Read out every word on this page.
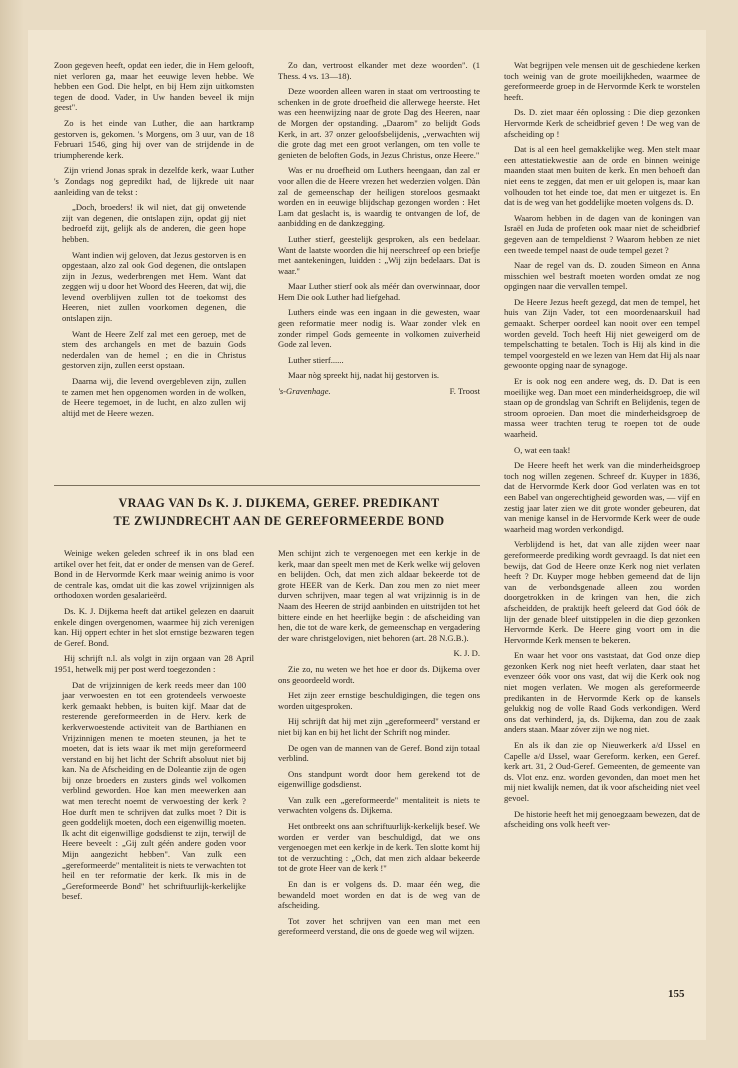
Zoon gegeven heeft, opdat een ieder, die in Hem gelooft, niet verloren ga, maar het eeuwige leven hebbe. We hebben een God. Die helpt, en bij Hem zijn uitkomsten tegen de dood. Vader, in Uw handen beveel ik mijn geest".

Zo is het einde van Luther, die aan hartkramp gestorven is, gekomen. 's Morgens, om 3 uur, van de 18 Februari 1546, ging hij over van de strijdende in de triumpherende kerk.

Zijn vriend Jonas sprak in dezelfde kerk, waar Luther 's Zondags nog gepredikt had, de lijkrede uit naar aanleiding van de tekst :

„Doch, broeders! ik wil niet, dat gij onwetende zijt van degenen, die ontslapen zijn, opdat gij niet bedroefd zijt, gelijk als de anderen, die geen hope hebben.

Want indien wij geloven, dat Jezus gestorven is en opgestaan, alzo zal ook God degenen, die ontslapen zijn in Jezus, wederbrengen met Hem. Want dat zeggen wij u door het Woord des Heeren, dat wij, die levend overblijven zullen tot de toekomst des Heeren, niet zullen voorkomen degenen, die ontslapen zijn.

Want de Heere Zelf zal met een geroep, met de stem des archangels en met de bazuin Gods nederdalen van de hemel ; en die in Christus gestorven zijn, zullen eerst opstaan.

Daarna wij, die levend overgebleven zijn, zullen te zamen met hen opgenomen worden in de wolken, de Heere tegemoet, in de lucht, en alzo zullen wij altijd met de Heere wezen.

Zo dan, vertroost elkander met deze woorden". (1 Thess. 4 vs. 13—18).

Deze woorden alleen waren in staat om vertroosting te schenken in de grote droefheid die allerwege heerste. Het was een heenwijzing naar de grote Dag des Heeren, naar de Morgen der opstanding. „Daarom" zo belijdt Gods Kerk, in art. 37 onzer geloofsbelijdenis, „verwachten wij die grote dag met een groot verlangen, om ten volle te genieten de beloften Gods, in Jezus Christus, onze Heere."

Was er nu droefheid om Luthers heengaan, dan zal er voor allen die de Heere vrezen het wederzien volgen. Dàn zal de gemeenschap der heiligen storeloos gesmaakt worden en in eeuwige blijdschap gezongen worden : Het Lam dat geslacht is, is waardig te ontvangen de lof, de aanbidding en de dankzegging.

Luther stierf, geestelijk gesproken, als een bedelaar. Want de laatste woorden die hij neerschreef op een briefje met aantekeningen, luidden : „Wij zijn bedelaars. Dat is waar."

Maar Luther stierf ook als méér dan overwinnaar, door Hem Die ook Luther had liefgehad.

Luthers einde was een ingaan in die gewesten, waar geen reformatie meer nodig is. Waar zonder vlek en zonder rimpel Gods gemeente in volkomen zuiverheid Gode zal leven.

Luther stierf......

Maar nòg spreekt hij, nadat hij gestorven is.

's-Gravenhage.	F. Troost

Wat begrijpen vele mensen uit de geschiedene kerken toch weinig van de grote moeilijkheden, waarmee de gereformeerde groep in de Hervormde Kerk te worstelen heeft.

Ds. D. ziet maar één oplossing : Die diep gezonken Hervormde Kerk de scheidbrief geven ! De weg van de afscheiding op !

Dat is al een heel gemakkelijke weg. Men stelt maar een attestatiekwestie aan de orde en binnen weinige maanden staat men buiten de kerk. En men behoeft dan niet eens te zeggen, dat men er uit gelopen is, maar kan volhouden tot het einde toe, dat men er uitgezet is. En dat is de weg van het goddelijke moeten volgens ds. D.

Waarom hebben in de dagen van de koningen van Israël en Juda de profeten ook maar niet de scheidbrief gegeven aan de tempeldienst ? Waarom hebben ze niet een tweede tempel naast de oude tempel gezet ?

Naar de regel van ds. D. zouden Simeon en Anna misschien wel bestraft moeten worden omdat ze nog opgingen naar die vervallen tempel.

De Heere Jezus heeft gezegd, dat men de tempel, het huis van Zijn Vader, tot een moordenaarskuil had gemaakt. Scherper oordeel kan nooit over een tempel worden geveld. Toch heeft Hij niet geweigerd om de tempelschatting te betalen. Toch is Hij als kind in die tempel voorgesteld en we lezen van Hem dat Hij als naar gewoonte opging naar de synagoge.

Er is ook nog een andere weg, ds. D. Dat is een moeilijke weg. Dan moet een minderheidsgroep, die wil staan op de grondslag van Schrift en Belijdenis, tegen de stroom oproeien. Dan moet die minderheidsgroep de massa weer trachten terug te roepen tot de oude waarheid.

O, wat een taak!

De Heere heeft het werk van die minderheidsgroep toch nog willen zegenen. Schreef dr. Kuyper in 1836, dat de Hervormde Kerk door God verlaten was en tot een Babel van ongerechtigheid geworden was, — vijf en zestig jaar later zien we dit grote wonder gebeuren, dat van menige kansel in de Hervormde Kerk weer de oude waarheid mag worden verkondigd.

Verblijdend is het, dat van alle zijden weer naar gereformeerde prediking wordt gevraagd. Is dat niet een bewijs, dat God de Heere onze Kerk nog niet verlaten heeft ? Dr. Kuyper moge hebben gemeend dat de lijn van de verbondsgenade alleen zou worden doorgetrokken in de kringen van hen, die zich afscheidden, de praktijk heeft geleerd dat God óók de lijn der genade bleef uitstippelen in die diep gezonken Hervormde Kerk. De Heere ging voort om in die Hervormde Kerk mensen te bekeren.

En waar het voor ons vaststaat, dat God onze diep gezonken Kerk nog niet heeft verlaten, daar staat het evenzeer óók voor ons vast, dat wij die Kerk ook nog niet mogen verlaten. We mogen als gereformeerde predikanten in de Hervormde Kerk op de kansels gelukkig nog de volle Raad Gods verkondigen. Werd ons dat verhinderd, ja, ds. Dijkema, dan zou de zaak anders staan. Maar zóver zijn we nog niet.

En als ik dan zie op Nieuwerkerk a/d IJssel en Capelle a/d IJssel, waar Gereform. kerken, een Geref. kerk art. 31, 2 Oud-Geref. Gemeenten, de gemeente van ds. Vlot enz. enz. worden gevonden, dan moet men het mij niet kwalijk nemen, dat ik voor afscheiding niet veel gevoel.

De historie heeft het mij genoegzaam bewezen, dat de afscheiding ons volk heeft ver-

VRAAG VAN Ds K. J. DIJKEMA, GEREF. PREDIKANT
TE ZWIJNDRECHT AAN DE GEREFORMEERDE BOND

Weinige weken geleden schreef ik in ons blad een artikel over het feit, dat er onder de mensen van de Geref. Bond in de Hervormde Kerk maar weinig animo is voor de centrale kas, omdat uit die kas zowel vrijzinnigen als orthodoxen worden gesalarieërd.

Ds. K. J. Dijkema heeft dat artikel gelezen en daaruit enkele dingen overgenomen, waarmee hij zich verenigen kan. Hij oppert echter in het slot ernstige bezwaren tegen de Geref. Bond.

Hij schrijft n.l. als volgt in zijn orgaan van 28 April 1951, hetwelk mij per post werd toegezonden :

Dat de vrijzinnigen de kerk reeds meer dan 100 jaar verwoesten en tot een grotendeels verwoeste kerk gemaakt hebben, is buiten kijf. Maar dat de resterende gereformeerden in de Herv. kerk de kerkverwoestende activiteit van de Barthianen en Vrijzinnigen menen te moeten steunen, ja het te moeten, dat is iets waar ik met mijn gereformeerd verstand en bij het licht der Schrift absoluut niet bij kan. Na de Afscheiding en de Doleantie zijn de ogen bij onze broeders en zusters ginds wel volkomen verblind geworden. Hoe kan men meewerken aan wat men terecht noemt de verwoesting der kerk ? Hoe durft men te schrijven dat zulks moet ? Dit is geen goddelijk moeten, doch een eigenwillig moeten. Ik acht dit eigenwillige godsdienst te zijn, terwijl de Heere beveelt : „Gij zult géén andere goden voor Mijn aangezicht hebben". Van zulk een „gereformeerde" mentaliteit is niets te verwachten tot heil en ter reformatie der kerk. Ik mis in de „Gereformeerde Bond" het schriftuurlijk-kerkelijke besef.

Men schijnt zich te vergenoegen met een kerkje in de kerk, maar dan speelt men met de Kerk welke wij geloven en belijden. Och, dat men zich aldaar bekeerde tot de grote HEER van de Kerk. Dan zou men zo niet meer durven schrijven, maar tegen al wat vrijzinnig is in de Naam des Heeren de strijd aanbinden en uitstrijden tot het bittere einde en het heerlijke begin : de afscheiding van hen, die tot de ware kerk, de gemeenschap en vergadering der ware christgelovigen, niet behoren (art. 28 N.G.B.).

K. J. D.

Zie zo, nu weten we het hoe er door ds. Dijkema over ons geoordeeld wordt.

Het zijn zeer ernstige beschuldigingen, die tegen ons worden uitgesproken.

Hij schrijft dat hij met zijn „gereformeerd" verstand er niet bij kan en bij het licht der Schrift nog minder.

De ogen van de mannen van de Geref. Bond zijn totaal verblind.

Ons standpunt wordt door hem gerekend tot de eigenwillige godsdienst.

Van zulk een „gereformeerde" mentaliteit is niets te verwachten volgens ds. Dijkema.

Het ontbreekt ons aan schriftuurlijk-kerkelijk besef. We worden er verder van beschuldigd, dat we ons vergenoegen met een kerkje in de kerk. Ten slotte komt hij tot de verzuchting : „Och, dat men zich aldaar bekeerde tot de grote Heer van de kerk !"

En dan is er volgens ds. D. maar één weg, die bewandeld moet worden en dat is de weg van de afscheiding.

Tot zover het schrijven van een man met een gereformeerd verstand, die ons de goede weg wil wijzen.

155
